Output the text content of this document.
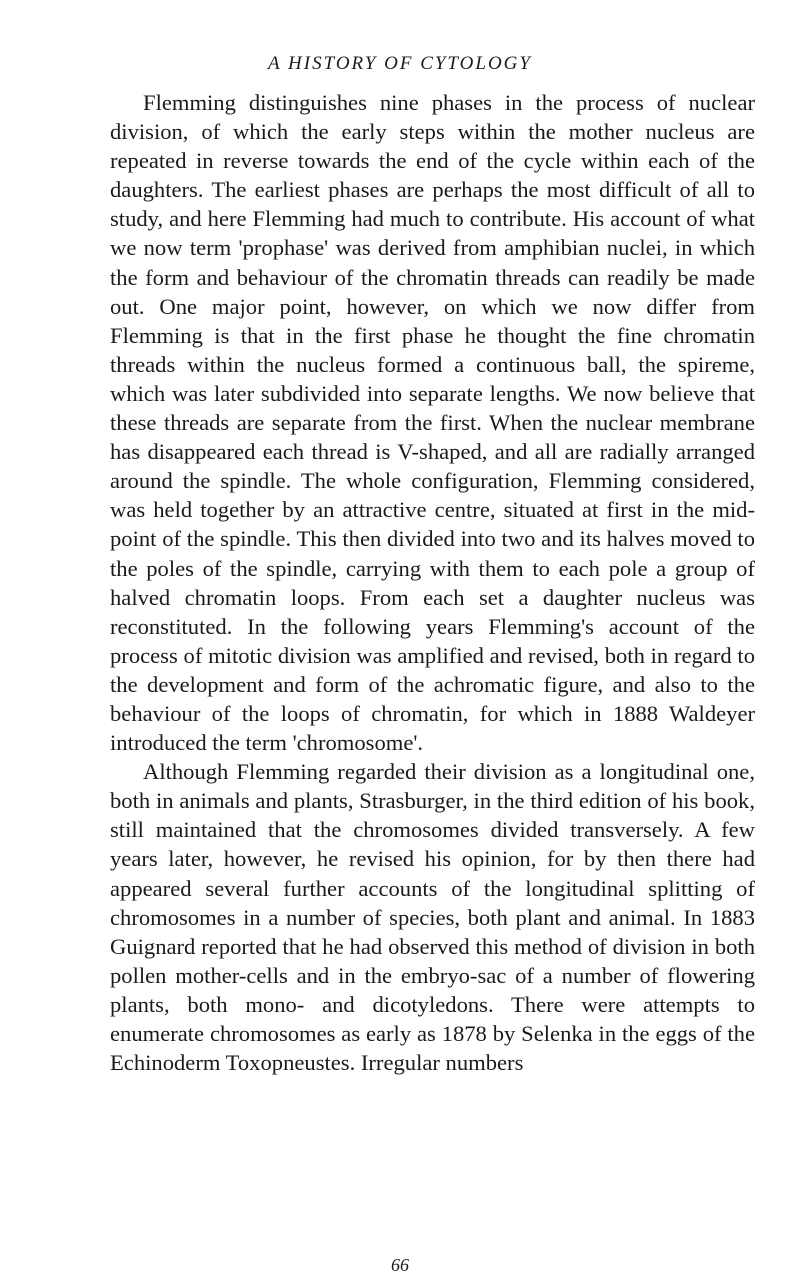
A HISTORY OF CYTOLOGY

Flemming distinguishes nine phases in the process of nuclear division, of which the early steps within the mother nucleus are repeated in reverse towards the end of the cycle within each of the daughters. The earliest phases are perhaps the most difficult of all to study, and here Flemming had much to contribute. His account of what we now term 'prophase' was derived from amphibian nuclei, in which the form and behaviour of the chromatin threads can readily be made out. One major point, however, on which we now differ from Flemming is that in the first phase he thought the fine chromatin threads within the nucleus formed a continuous ball, the spireme, which was later subdivided into separate lengths. We now believe that these threads are separate from the first. When the nuclear membrane has disappeared each thread is V-shaped, and all are radially arranged around the spindle. The whole configuration, Flemming considered, was held together by an attractive centre, situated at first in the mid-point of the spindle. This then divided into two and its halves moved to the poles of the spindle, carrying with them to each pole a group of halved chromatin loops. From each set a daughter nucleus was reconstituted. In the following years Flemming's account of the process of mitotic division was amplified and revised, both in regard to the development and form of the achromatic figure, and also to the behaviour of the loops of chromatin, for which in 1888 Waldeyer introduced the term 'chromosome'.

Although Flemming regarded their division as a longitudinal one, both in animals and plants, Strasburger, in the third edition of his book, still maintained that the chromosomes divided transversely. A few years later, however, he revised his opinion, for by then there had appeared several further accounts of the longitudinal splitting of chromosomes in a number of species, both plant and animal. In 1883 Guignard reported that he had observed this method of division in both pollen mother-cells and in the embryo-sac of a number of flowering plants, both mono- and dicotyledons. There were attempts to enumerate chromosomes as early as 1878 by Selenka in the eggs of the Echinoderm Toxopneustes. Irregular numbers

66
